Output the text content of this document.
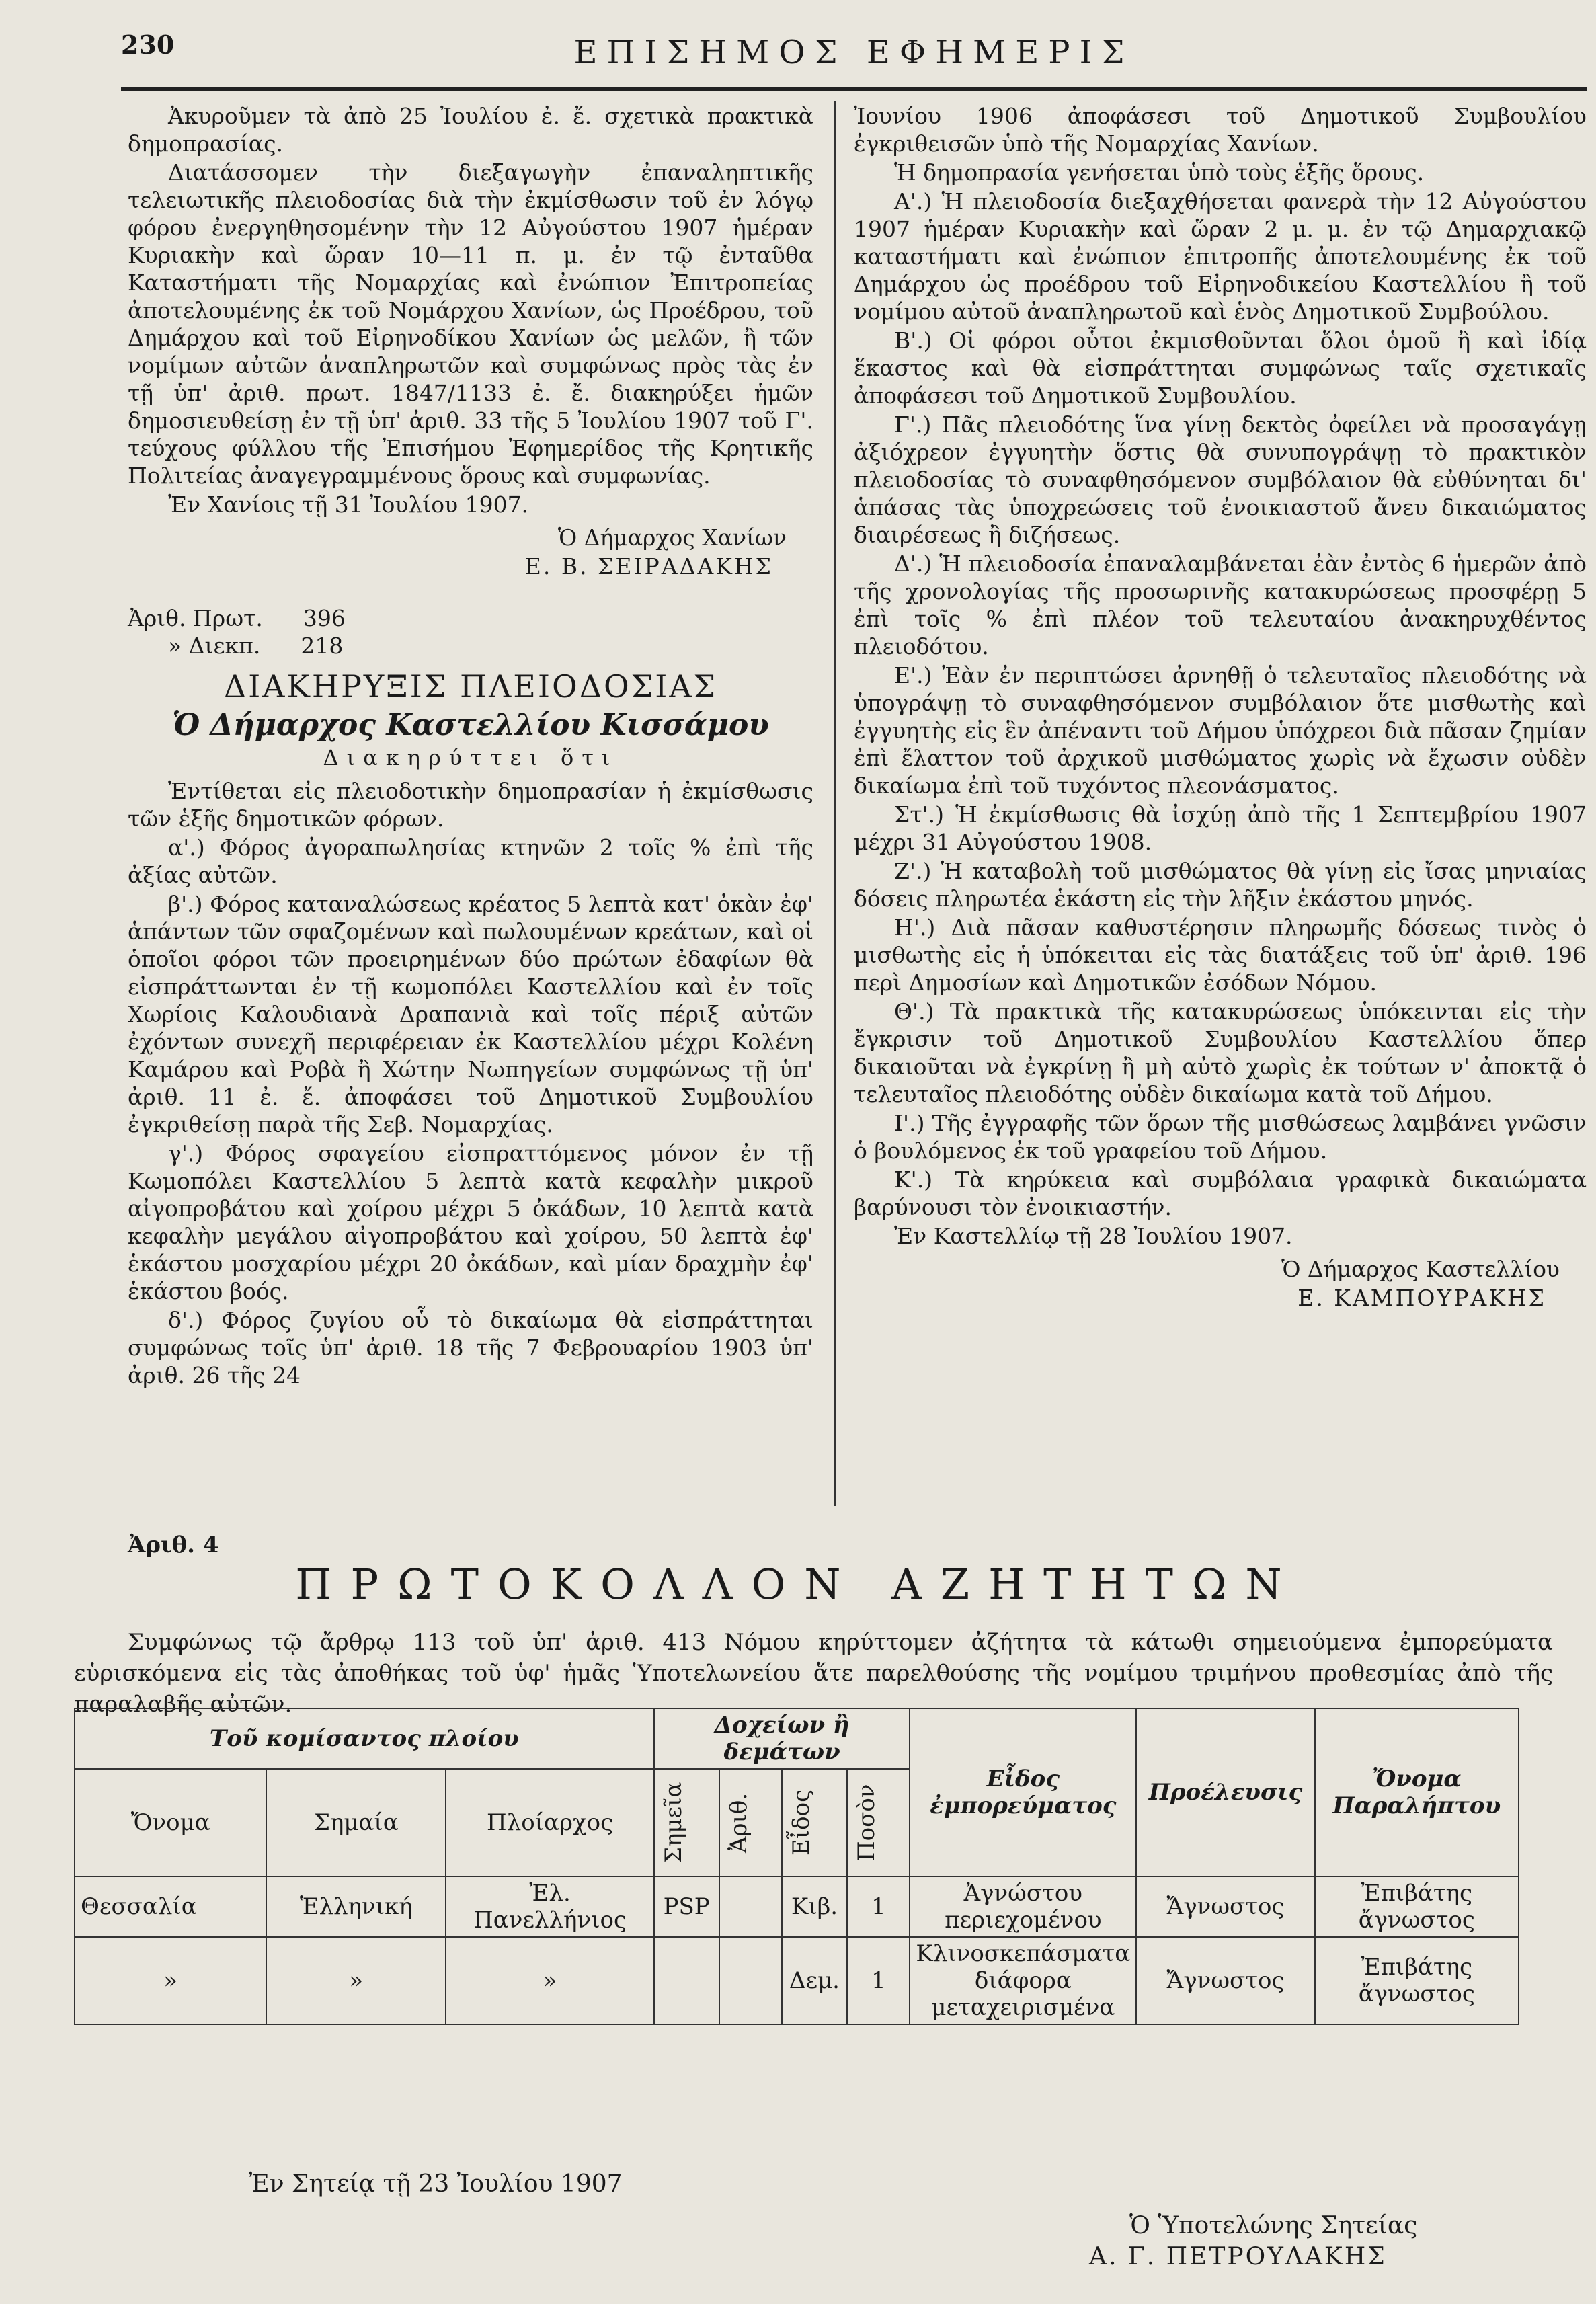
230	ΕΠΙΣΗΜΟΣ ΕΦΗΜΕΡΙΣ

Ἀκυροῦμεν τὰ ἀπὸ 25 Ἰουλίου ἐ. ἔ. σχετικὰ πρακτικὰ δημοπρασίας.

Διατάσσομεν τὴν διεξαγωγὴν ἐπαναληπτικῆς τελειωτικῆς πλειοδοσίας διὰ τὴν ἐκμίσθωσιν τοῦ ἐν λόγῳ φόρου ἐνεργηθησομένην τὴν 12 Αὐγούστου 1907 ἡμέραν Κυριακὴν καὶ ὥραν 10—11 π. μ. ἐν τῷ ἐνταῦθα Καταστήματι τῆς Νομαρχίας καὶ ἐνώπιον Ἐπιτροπείας ἀποτελουμένης ἐκ τοῦ Νομάρχου Χανίων, ὡς Προέδρου, τοῦ Δημάρχου καὶ τοῦ Εἰρηνοδίκου Χανίων ὡς μελῶν, ἢ τῶν νομίμων αὐτῶν ἀναπληρωτῶν καὶ συμφώνως πρὸς τὰς ἐν τῇ ὑπ' ἀριθ. πρωτ. 1847/1133 ἐ. ἔ. διακηρύξει ἡμῶν δημοσιευθείσῃ ἐν τῇ ὑπ' ἀριθ. 33 τῆς 5 Ἰουλίου 1907 τοῦ Γ'. τεύχους φύλλου τῆς Ἐπισήμου Ἐφημερίδος τῆς Κρητικῆς Πολιτείας ἀναγεγραμμένους ὅρους καὶ συμφωνίας.

Ἐν Χανίοις τῇ 31 Ἰουλίου 1907.

Ὁ Δήμαρχος Χανίων

Ε. Β. ΣΕΙΡΑΔΑΚΗΣ

Ἀριθ. Πρωτ. 396
» Διεκπ. 218
ΔΙΑΚΗΡΥΞΙΣ ΠΛΕΙΟΔΟΣΙΑΣ
Ὁ Δήμαρχος Καστελλίου Κισσάμου
Διακηρύττει ὅτι

Ἐντίθεται εἰς πλειοδοτικὴν δημοπρασίαν ἡ ἐκμίσθωσις τῶν ἑξῆς δημοτικῶν φόρων.

α'.) Φόρος ἀγοραπωλησίας κτηνῶν 2 τοῖς % ἐπὶ τῆς ἀξίας αὐτῶν.

β'.) Φόρος καταναλώσεως κρέατος 5 λεπτὰ κατ' ὀκὰν ἐφ' ἁπάντων τῶν σφαζομένων καὶ πωλουμένων κρεάτων, καὶ οἱ ὁποῖοι φόροι τῶν προειρημένων δύο πρώτων ἐδαφίων θὰ εἰσπράττωνται ἐν τῇ κωμοπόλει Καστελλίου καὶ ἐν τοῖς Χωρίοις Καλουδιανὰ Δραπανιὰ καὶ τοῖς πέριξ αὐτῶν ἐχόντων συνεχῆ περιφέρειαν ἐκ Καστελλίου μέχρι Κολένη Καμάρου καὶ Ροβὰ ἢ Χώτην Νωπηγείων συμφώνως τῇ ὑπ' ἀριθ. 11 ἐ. ἔ. ἀποφάσει τοῦ Δημοτικοῦ Συμβουλίου ἐγκριθείσῃ παρὰ τῆς Σεβ. Νομαρχίας.

γ'.) Φόρος σφαγείου εἰσπραττόμενος μόνον ἐν τῇ Κωμοπόλει Καστελλίου 5 λεπτὰ κατὰ κεφαλὴν μικροῦ αἰγοπροβάτου καὶ χοίρου μέχρι 5 ὀκάδων, 10 λεπτὰ κατὰ κεφαλὴν μεγάλου αἰγοπροβάτου καὶ χοίρου, 50 λεπτὰ ἐφ' ἑκάστου μοσχαρίου μέχρι 20 ὀκάδων, καὶ μίαν δραχμὴν ἐφ' ἑκάστου βοός.

δ'.) Φόρος ζυγίου οὗ τὸ δικαίωμα θὰ εἰσπράττηται συμφώνως τοῖς ὑπ' ἀριθ. 18 τῆς 7 Φεβρουαρίου 1903 ὑπ' ἀριθ. 26 τῆς 24

Ἰουνίου 1906 ἀποφάσεσι τοῦ Δημοτικοῦ Συμβουλίου ἐγκριθεισῶν ὑπὸ τῆς Νομαρχίας Χανίων.

Ἡ δημοπρασία γενήσεται ὑπὸ τοὺς ἑξῆς ὅρους.

Α'.) Ἡ πλειοδοσία διεξαχθήσεται φανερὰ τὴν 12 Αὐγούστου 1907 ἡμέραν Κυριακὴν καὶ ὥραν 2 μ. μ. ἐν τῷ Δημαρχιακῷ καταστήματι καὶ ἐνώπιον ἐπιτροπῆς ἀποτελουμένης ἐκ τοῦ Δημάρχου ὡς προέδρου τοῦ Εἰρηνοδικείου Καστελλίου ἢ τοῦ νομίμου αὐτοῦ ἀναπληρωτοῦ καὶ ἑνὸς Δημοτικοῦ Συμβούλου.

Β'.) Οἱ φόροι οὗτοι ἐκμισθοῦνται ὅλοι ὁμοῦ ἢ καὶ ἰδίᾳ ἕκαστος καὶ θὰ εἰσπράττηται συμφώνως ταῖς σχετικαῖς ἀποφάσεσι τοῦ Δημοτικοῦ Συμβουλίου.

Γ'.) Πᾶς πλειοδότης ἵνα γίνῃ δεκτὸς ὀφείλει νὰ προσαγάγῃ ἀξιόχρεον ἐγγυητὴν ὅστις θὰ συνυπογράψῃ τὸ πρακτικὸν πλειοδοσίας τὸ συναφθησόμενον συμβόλαιον θὰ εὐθύνηται δι' ἁπάσας τὰς ὑποχρεώσεις τοῦ ἐνοικιαστοῦ ἄνευ δικαιώματος διαιρέσεως ἢ διζήσεως.

Δ'.) Ἡ πλειοδοσία ἐπαναλαμβάνεται ἐὰν ἐντὸς 6 ἡμερῶν ἀπὸ τῆς χρονολογίας τῆς προσωρινῆς κατακυρώσεως προσφέρῃ 5 ἐπὶ τοῖς % ἐπὶ πλέον τοῦ τελευταίου ἀνακηρυχθέντος πλειοδότου.

Ε'.) Ἐὰν ἐν περιπτώσει ἀρνηθῇ ὁ τελευταῖος πλειοδότης νὰ ὑπογράψῃ τὸ συναφθησόμενον συμβόλαιον ὅτε μισθωτὴς καὶ ἐγγυητὴς εἰς ἓν ἀπέναντι τοῦ Δήμου ὑπόχρεοι διὰ πᾶσαν ζημίαν ἐπὶ ἔλαττον τοῦ ἀρχικοῦ μισθώματος χωρὶς νὰ ἔχωσιν οὐδὲν δικαίωμα ἐπὶ τοῦ τυχόντος πλεονάσματος.

Στ'.) Ἡ ἐκμίσθωσις θὰ ἰσχύῃ ἀπὸ τῆς 1 Σεπτεμβρίου 1907 μέχρι 31 Αὐγούστου 1908.

Ζ'.) Ἡ καταβολὴ τοῦ μισθώματος θὰ γίνῃ εἰς ἴσας μηνιαίας δόσεις πληρωτέα ἑκάστη εἰς τὴν λῆξιν ἑκάστου μηνός.

Η'.) Διὰ πᾶσαν καθυστέρησιν πληρωμῆς δόσεως τινὸς ὁ μισθωτὴς εἰς ἡ ὑπόκειται εἰς τὰς διατάξεις τοῦ ὑπ' ἀριθ. 196 περὶ Δημοσίων καὶ Δημοτικῶν ἐσόδων Νόμου.

Θ'.) Τὰ πρακτικὰ τῆς κατακυρώσεως ὑπόκεινται εἰς τὴν ἔγκρισιν τοῦ Δημοτικοῦ Συμβουλίου Καστελλίου ὅπερ δικαιοῦται νὰ ἐγκρίνῃ ἢ μὴ αὐτὸ χωρὶς ἐκ τούτων ν' ἀποκτᾷ ὁ τελευταῖος πλειοδότης οὐδὲν δικαίωμα κατὰ τοῦ Δήμου.

Ι'.) Τῆς ἐγγραφῆς τῶν ὅρων τῆς μισθώσεως λαμβάνει γνῶσιν ὁ βουλόμενος ἐκ τοῦ γραφείου τοῦ Δήμου.

Κ'.) Τὰ κηρύκεια καὶ συμβόλαια γραφικὰ δικαιώματα βαρύνουσι τὸν ἐνοικιαστήν.

Ἐν Καστελλίῳ τῇ 28 Ἰουλίου 1907.

Ὁ Δήμαρχος Καστελλίου

Ε. ΚΑΜΠΟΥΡΑΚΗΣ

Ἀριθ. 4
ΠΡΩΤΟΚΟΛΛΟΝ ΑΖΗΤΗΤΩΝ
Συμφώνως τῷ ἄρθρῳ 113 τοῦ ὑπ' ἀριθ. 413 Νόμου κηρύττομεν ἀζήτητα τὰ κάτωθι σημειούμενα ἐμπορεύματα εὑρισκόμενα εἰς τὰς ἀποθήκας τοῦ ὑφ' ἡμᾶς Ὑποτελωνείου ἅτε παρελθούσης τῆς νομίμου τριμήνου προθεσμίας ἀπὸ τῆς παραλαβῆς αὐτῶν.
Τοῦ κομίσαντος πλοίου			Δοχείων ἢ δεμάτων				Εἶδος ἐμπορεύματος	Προέλευσις	Ὄνομα Παραλήπτου
Ὄνομα	Σημαία	Πλοίαρχος	Σημεῖα	Ἀριθ.	Εἶδος	Ποσὸν			

Θεσσαλία	Ἑλληνική	Ἐλ. Πανελλήνιος	PSP		Κιβ.	1	Ἀγνώστου περιεχομένου	Ἄγνωστος	Ἐπιβάτης ἄγνωστος
»	»	»			Δεμ.	1	Κλινοσκεπάσματα διάφορα μεταχειρισμένα	Ἄγνωστος	Ἐπιβάτης ἄγνωστος
Ἐν Σητείᾳ τῇ 23 Ἰουλίου 1907
Ὁ Ὑποτελώνης Σητείας
Α. Γ. ΠΕΤΡΟΥΛΑΚΗΣ
